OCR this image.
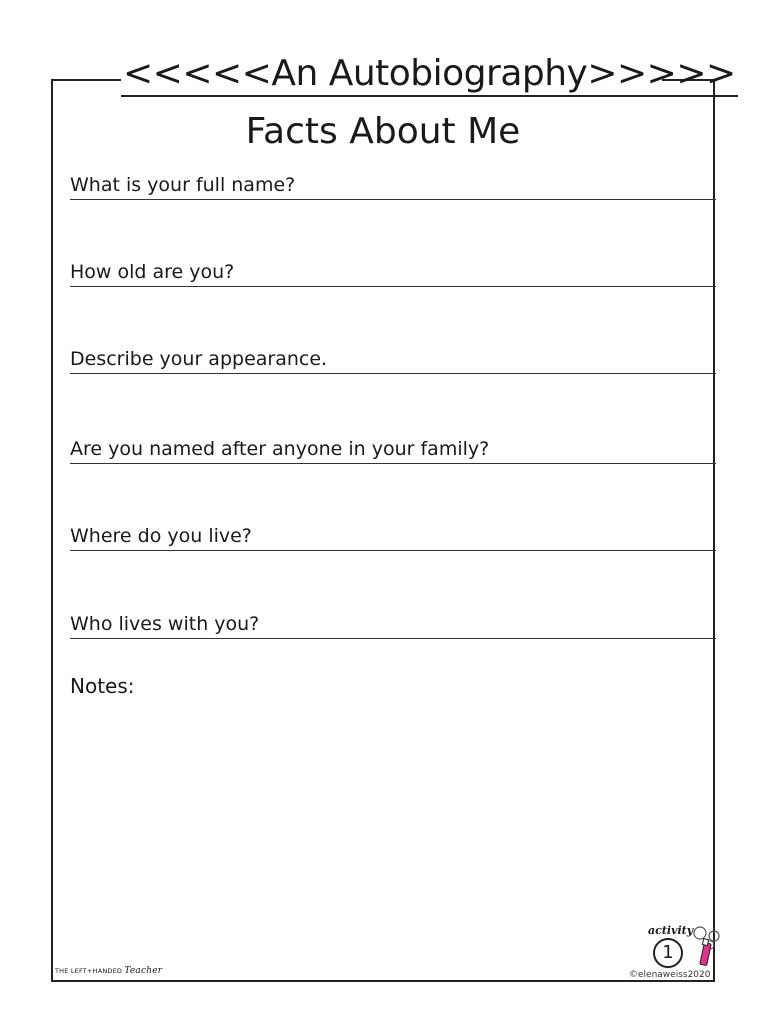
<<<<<An Autobiography>>>>>
Facts About Me
What is your full name?
How old are you?
Describe your appearance.
Are you named after anyone in your family?
Where do you live?
Who lives with you?
Notes:
THE LEFT+HANDED Teacher
activity
1
©elenaweiss2020
